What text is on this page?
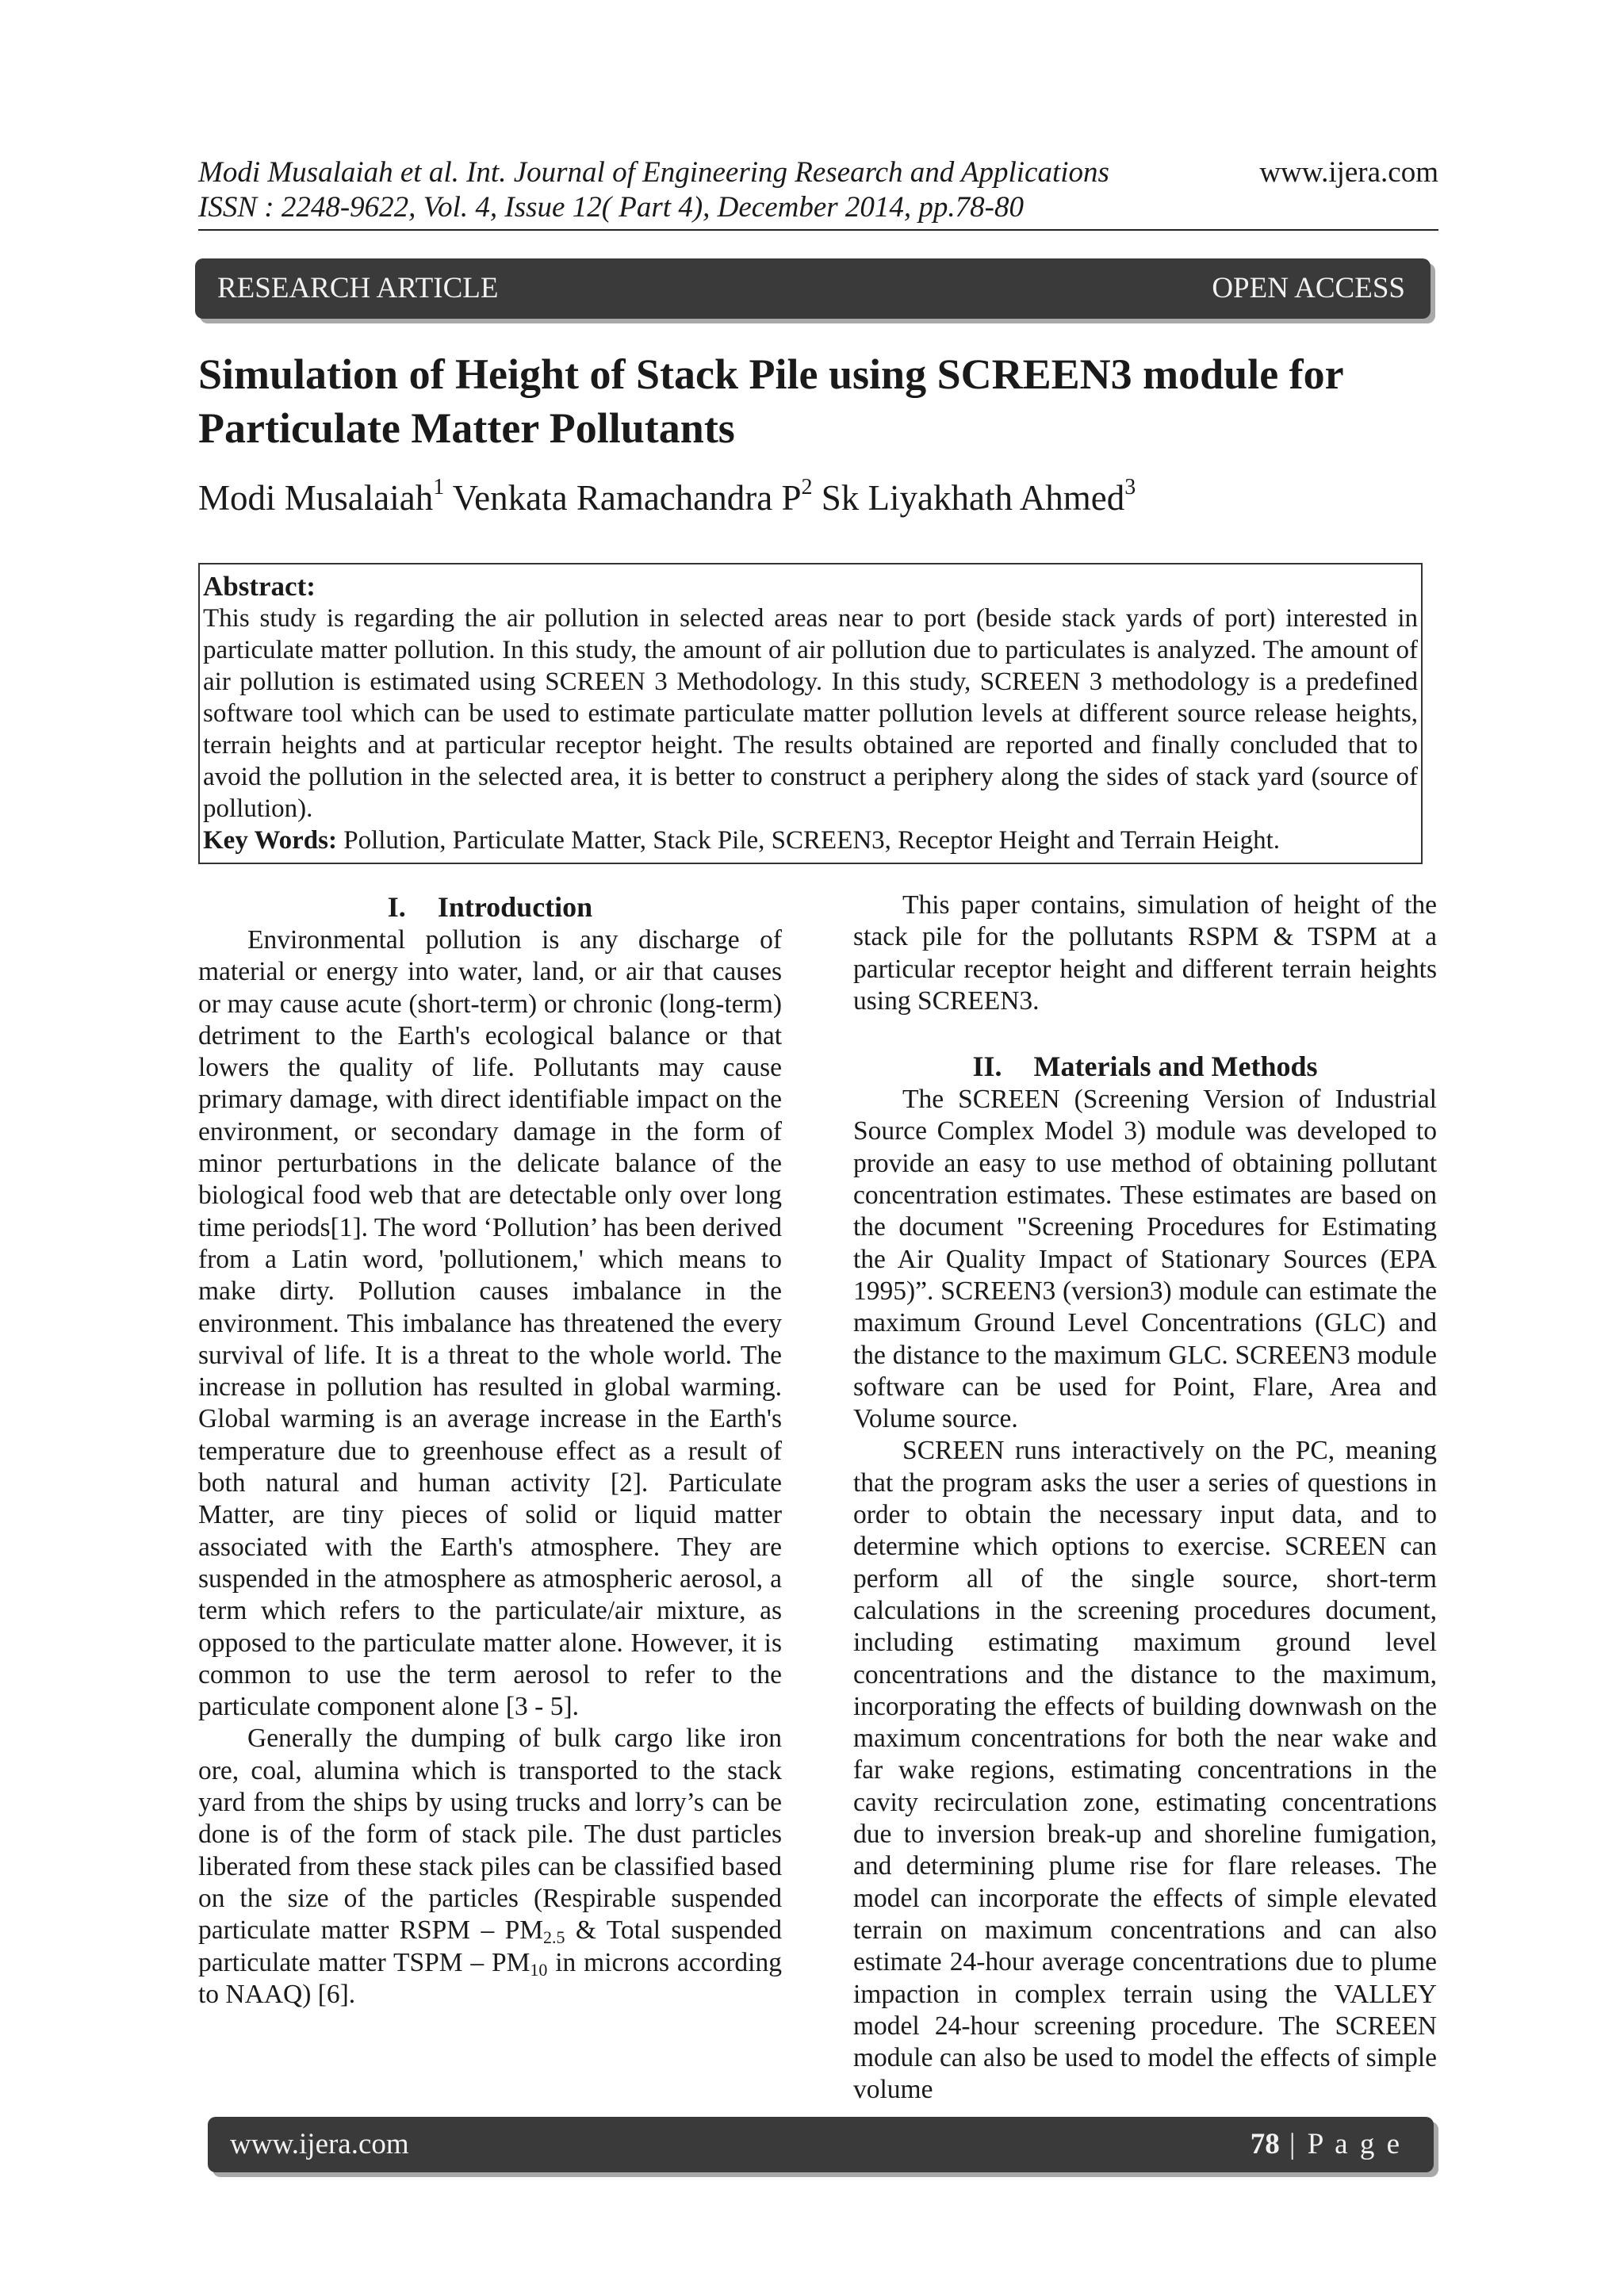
Modi Musalaiah et al. Int. Journal of Engineering Research and Applications
ISSN : 2248-9622, Vol. 4, Issue 12( Part 4), December 2014, pp.78-80
www.ijera.com
RESEARCH ARTICLE	OPEN ACCESS
Simulation of Height of Stack Pile using SCREEN3 module for
Particulate Matter Pollutants
Modi Musalaiah$^1$ Venkata Ramachandra $P^2$ Sk Liyakhath Ahmed$^3$
Abstract:

This study is regarding the air pollution in selected areas near to port (beside stack yards of port) interested in particulate matter pollution. In this study, the amount of air pollution due to particulates is analyzed. The amount of air pollution is estimated using SCREEN 3 Methodology. In this study, SCREEN 3 methodology is a predefined software tool which can be used to estimate particulate matter pollution levels at different source release heights, terrain heights and at particular receptor height. The results obtained are reported and finally concluded that to avoid the pollution in the selected area, it is better to construct a periphery along the sides of stack yard (source of pollution).

Key Words: Pollution, Particulate Matter, Stack Pile, SCREEN3, Receptor Height and Terrain Height.

I. Introduction

Environmental pollution is any discharge of material or energy into water, land, or air that causes or may cause acute (short-term) or chronic (long-term) detriment to the Earth's ecological balance or that lowers the quality of life. Pollutants may cause primary damage, with direct identifiable impact on the environment, or secondary damage in the form of minor perturbations in the delicate balance of the biological food web that are detectable only over long time periods[1]. The word ‘Pollution’ has been derived from a Latin word, 'pollutionem,' which means to make dirty. Pollution causes imbalance in the environment. This imbalance has threatened the every survival of life. It is a threat to the whole world. The increase in pollution has resulted in global warming. Global warming is an average increase in the Earth's temperature due to greenhouse effect as a result of both natural and human activity [2]. Particulate Matter, are tiny pieces of solid or liquid matter associated with the Earth's atmosphere. They are suspended in the atmosphere as atmospheric aerosol, a term which refers to the particulate/air mixture, as opposed to the particulate matter alone. However, it is common to use the term aerosol to refer to the particulate component alone [3 - 5].

Generally the dumping of bulk cargo like iron ore, coal, alumina which is transported to the stack yard from the ships by using trucks and lorry’s can be done is of the form of stack pile. The dust particles liberated from these stack piles can be classified based on the size of the particles (Respirable suspended particulate matter RSPM – $PM_{2.5}$ & Total suspended particulate matter TSPM – $PM_{10}$ in microns according to NAAQ) [6].

This paper contains, simulation of height of the stack pile for the pollutants RSPM & TSPM at a particular receptor height and different terrain heights using SCREEN3.

II. Materials and Methods

The SCREEN (Screening Version of Industrial Source Complex Model 3) module was developed to provide an easy to use method of obtaining pollutant concentration estimates. These estimates are based on the document "Screening Procedures for Estimating the Air Quality Impact of Stationary Sources (EPA 1995)”. SCREEN3 (version3) module can estimate the maximum Ground Level Concentrations (GLC) and the distance to the maximum GLC. SCREEN3 module software can be used for Point, Flare, Area and Volume source.

SCREEN runs interactively on the PC, meaning that the program asks the user a series of questions in order to obtain the necessary input data, and to determine which options to exercise. SCREEN can perform all of the single source, short-term calculations in the screening procedures document, including estimating maximum ground level concentrations and the distance to the maximum, incorporating the effects of building downwash on the maximum concentrations for both the near wake and far wake regions, estimating concentrations in the cavity recirculation zone, estimating concentrations due to inversion break-up and shoreline fumigation, and determining plume rise for flare releases. The model can incorporate the effects of simple elevated terrain on maximum concentrations and can also estimate 24-hour average concentrations due to plume impaction in complex terrain using the VALLEY model 24-hour screening procedure. The SCREEN module can also be used to model the effects of simple volume

www.ijera.com	78 | P a g e
